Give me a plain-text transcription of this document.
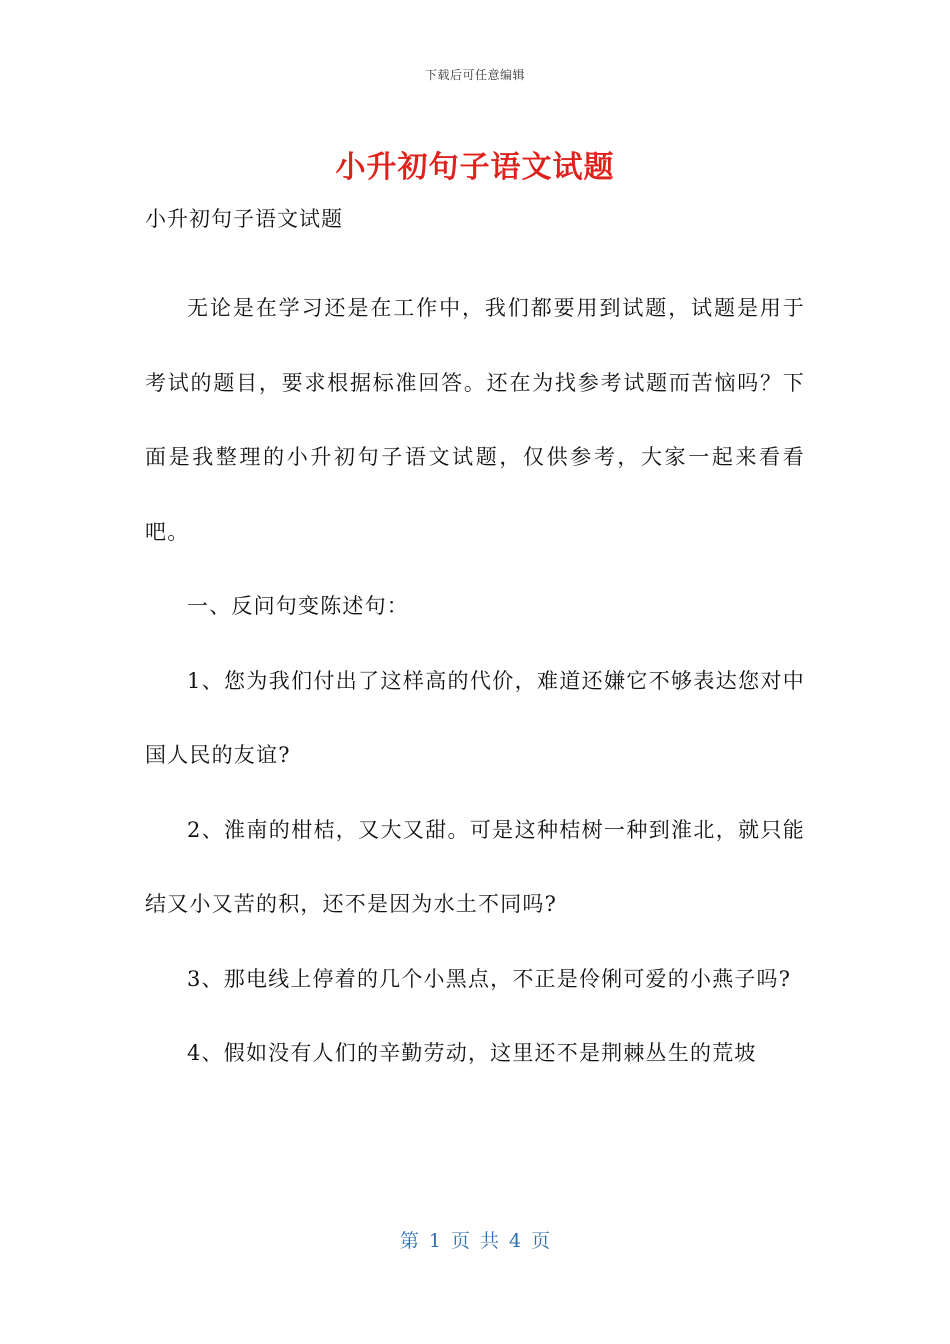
下载后可任意编辑
小升初句子语文试题

小升初句子语文试题

无论是在学习还是在工作中，我们都要用到试题，试题是用于考试的题目，要求根据标准回答。还在为找参考试题而苦恼吗？下面是我整理的小升初句子语文试题，仅供参考，大家一起来看看吧。

一、反问句变陈述句：

1、您为我们付出了这样高的代价，难道还嫌它不够表达您对中国人民的友谊?

2、淮南的柑桔，又大又甜。可是这种桔树一种到淮北，就只能结又小又苦的积，还不是因为水土不同吗?

3、那电线上停着的几个小黑点，不正是伶俐可爱的小燕子吗?

4、假如没有人们的辛勤劳动，这里还不是荆棘丛生的荒坡

第 1 页 共 4 页
